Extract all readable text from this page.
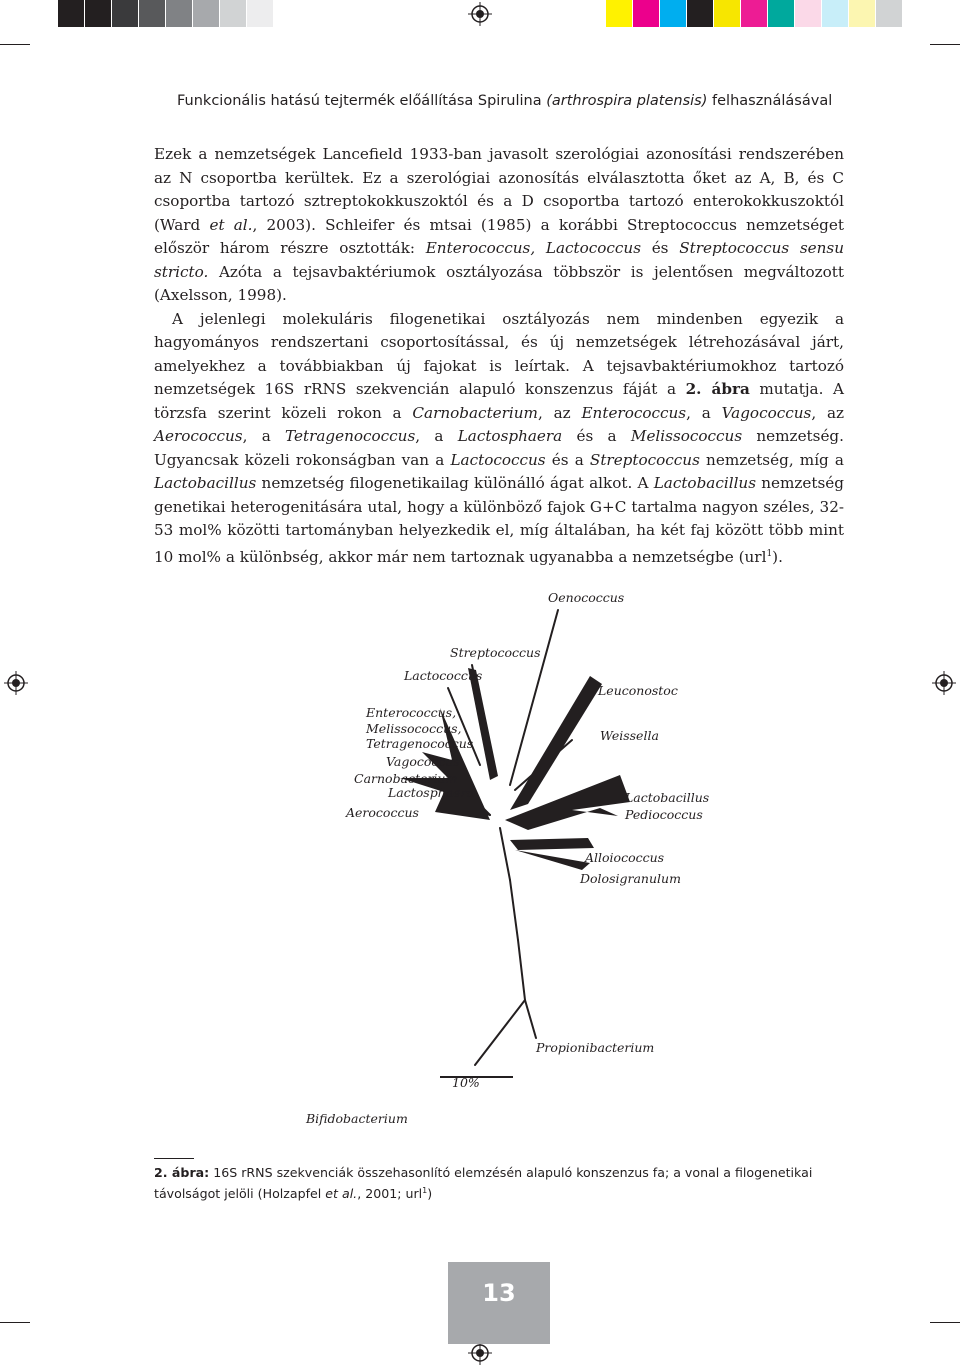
Funkcionális hatású tejtermék előállítása Spirulina (arthrospira platensis) felhasználásával

Ezek a nemzetségek Lancefield 1933-ban javasolt szerológiai azonosítási rendszerében az N csoportba kerültek. Ez a szerológiai azonosítás elválasztotta őket az A, B, és C csoportba tartozó sztreptokokkuszoktól és a D csoportba tartozó enterokokkuszoktól (Ward et al., 2003). Schleifer és mtsai (1985) a korábbi Streptococcus nemzetséget először három részre osztották: Enterococcus, Lactococcus és Streptococcus sensu stricto. Azóta a tejsavbaktériumok osztályozása többször is jelentősen megváltozott (Axelsson, 1998).

A jelenlegi molekuláris filogenetikai osztályozás nem mindenben egyezik a hagyományos rendszertani csoportosítással, és új nemzetségek létrehozásával járt, amelyekhez a továbbiakban új fajokat is leírtak. A tejsavbaktériumokhoz tartozó nemzetségek 16S rRNS szekvencián alapuló konszenzus fáját a 2. ábra mutatja. A törzsfa szerint közeli rokon a Carnobacterium, az Enterococcus, a Vagococcus, az Aerococcus, a Tetragenococcus, a Lactosphaera és a Melissococcus nemzetség. Ugyancsak közeli rokonságban van a Lactococcus és a Streptococcus nemzetség, míg a Lactobacillus nemzetség filogenetikailag különálló ágat alkot. A Lactobacillus nemzetség genetikai heterogenitására utal, hogy a különböző fajok G+C tartalma nagyon széles, 32-53 mol% közötti tartományban helyezkedik el, míg általában, ha két faj között több mint 10 mol% a különbség, akkor már nem tartoznak ugyanabba a nemzetségbe (url$^1$).

10%
Oenococcus
Streptococcus
Lactococcus
Leuconostoc
Enterococcus,
Melissococcus,
Tetragenococcus
Vagococcus
Weissella
Carnobacterium
Lactosphaera
Aerococcus
Lactobacillus
Pediococcus
Alloiococcus
Dolosigranulum
Propionibacterium
Bifidobacterium
2. ábra: 16S rRNS szekvenciák összehasonlító elemzésén alapuló konszenzus fa; a vonal a filogenetikai távolságot jelöli (Holzapfel et al., 2001; url$^1$)
13
